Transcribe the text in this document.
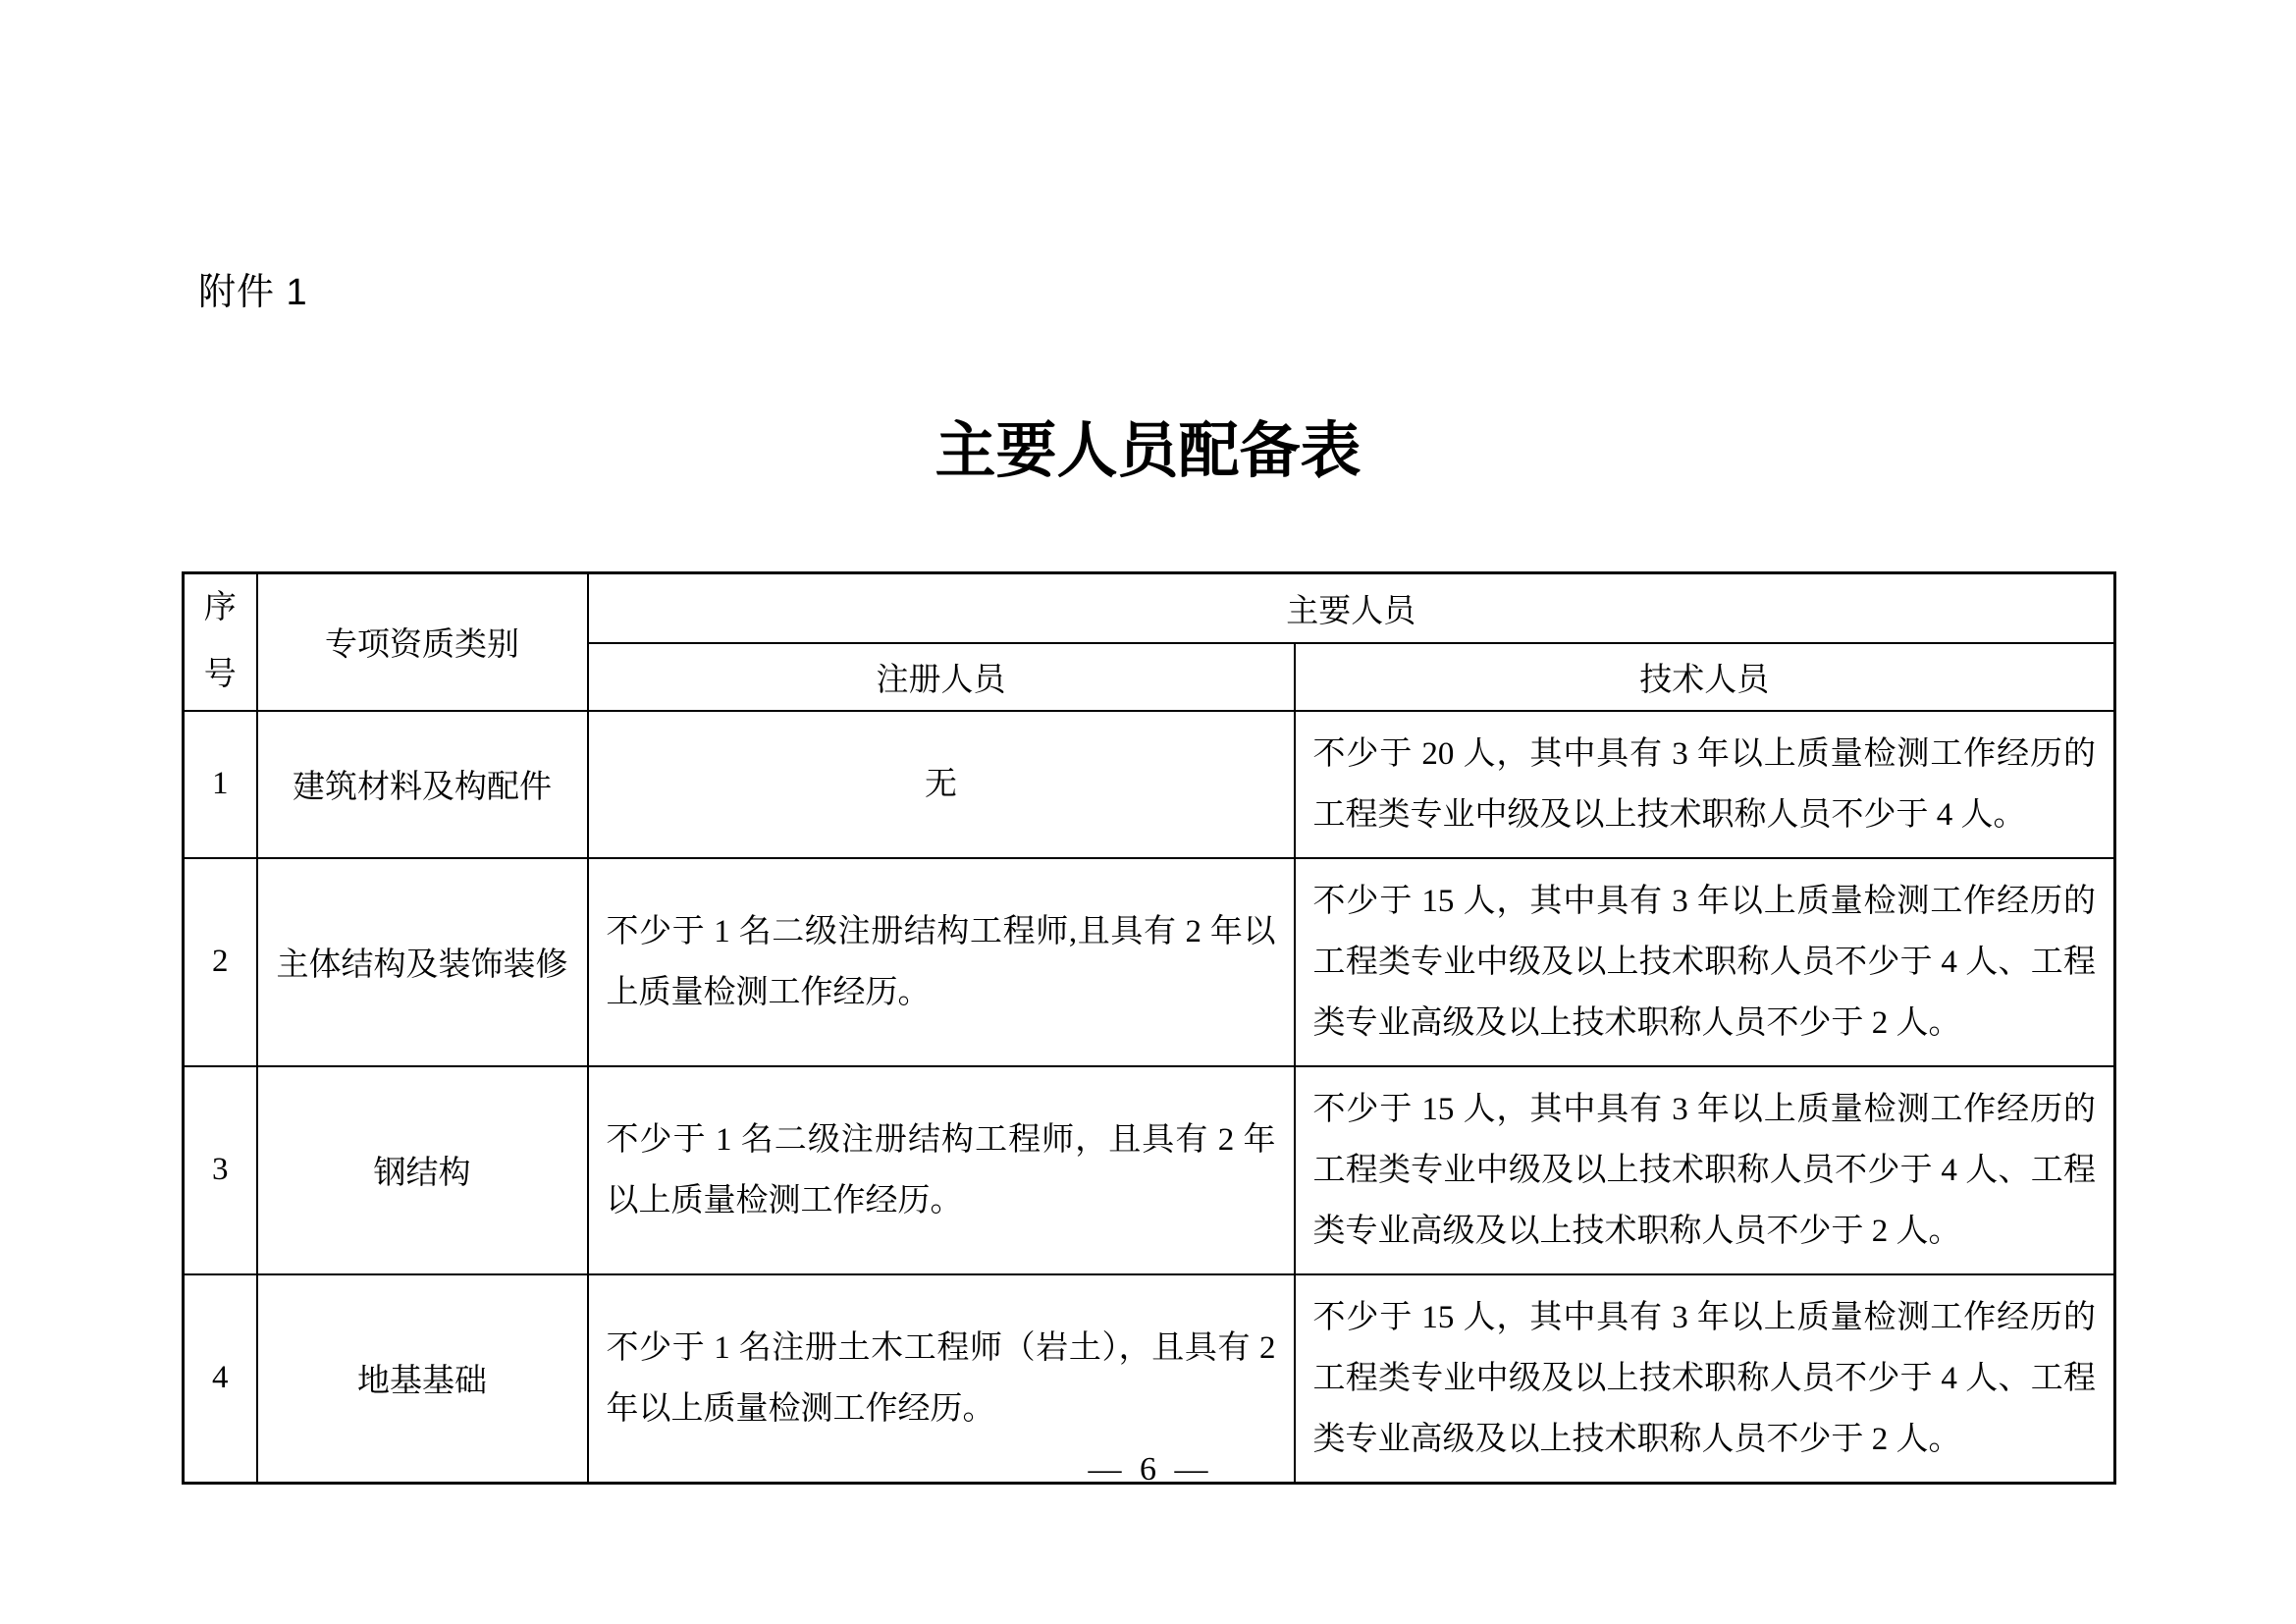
附件 1
主要人员配备表
序号	专项资质类别	主要人员	
		注册人员	技术人员
1	建筑材料及构配件	无	不少于 20 人，其中具有 3 年以上质量检测工作经历的工程类专业中级及以上技术职称人员不少于 4 人。
2	主体结构及装饰装修	不少于 1 名二级注册结构工程师,且具有 2 年以上质量检测工作经历。	不少于 15 人，其中具有 3 年以上质量检测工作经历的工程类专业中级及以上技术职称人员不少于 4 人、工程类专业高级及以上技术职称人员不少于 2 人。
3	钢结构	不少于 1 名二级注册结构工程师，且具有 2 年以上质量检测工作经历。	不少于 15 人，其中具有 3 年以上质量检测工作经历的工程类专业中级及以上技术职称人员不少于 4 人、工程类专业高级及以上技术职称人员不少于 2 人。
4	地基基础	不少于 1 名注册土木工程师（岩土），且具有 2 年以上质量检测工作经历。	不少于 15 人，其中具有 3 年以上质量检测工作经历的工程类专业中级及以上技术职称人员不少于 4 人、工程类专业高级及以上技术职称人员不少于 2 人。
— 6 —
